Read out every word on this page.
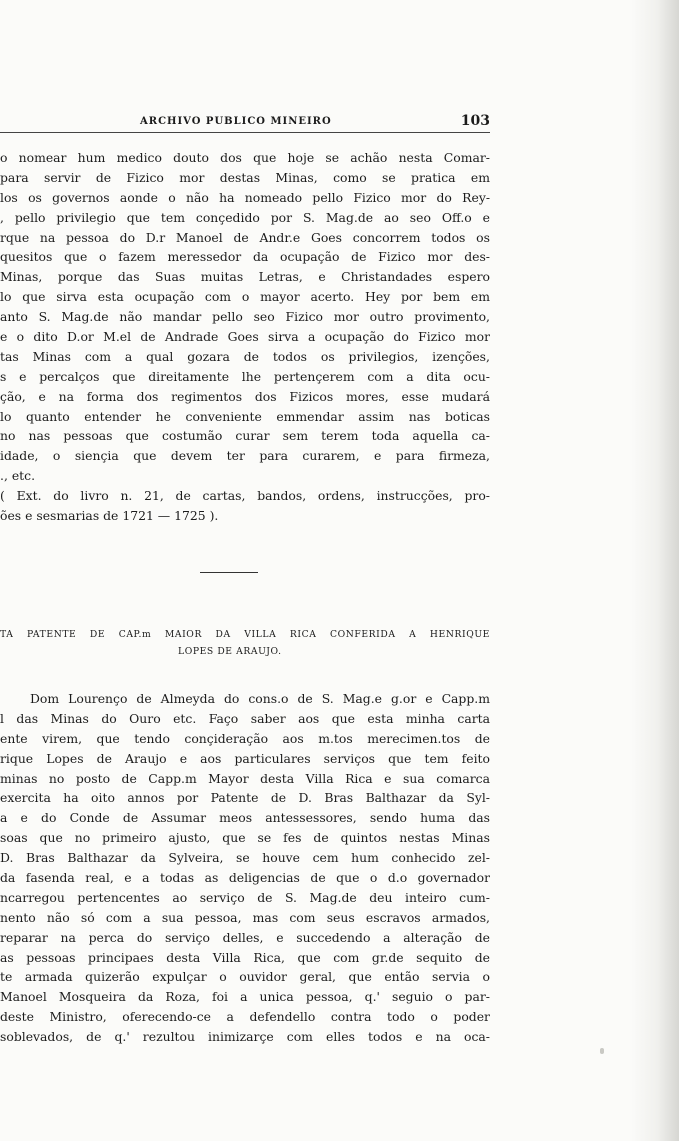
ARCHIVO PUBLICO MINEIRO	103
o nomear hum medico douto dos que hoje se achão nesta Comar-
para servir de Fizico mor destas Minas, como se pratica em
los os governos aonde o não ha nomeado pello Fizico mor do Rey-
, pello privilegio que tem conçedido por S. Mag.de ao seo Off.o e
rque na pessoa do D.r Manoel de Andr.e Goes concorrem todos os
quesitos que o fazem meressedor da ocupação de Fizico mor des-
Minas, porque das Suas muitas Letras, e Christandades espero
lo que sirva esta ocupação com o mayor acerto. Hey por bem em
anto S. Mag.de não mandar pello seo Fizico mor outro provimento,
e o dito D.or M.el de Andrade Goes sirva a ocupação do Fizico mor
tas Minas com a qual gozara de todos os privilegios, izenções,
s e percalços que direitamente lhe pertençerem com a dita ocu-
ção, e na forma dos regimentos dos Fizicos mores, esse mudará
lo quanto entender he conveniente emmendar assim nas boticas
no nas pessoas que costumão curar sem terem toda aquella ca-
idade, o siençia que devem ter para curarem, e para firmeza,
., etc.
( Ext. do livro n. 21, de cartas, bandos, ordens, instrucções, pro-
ões e sesmarias de 1721 — 1725 ).
TA PATENTE DE CAP.m MAIOR DA VILLA RICA CONFERIDA A HENRIQUE
LOPES DE ARAUJO.
Dom Lourenço de Almeyda do cons.o de S. Mag.e g.or e Capp.m
l das Minas do Ouro etc. Faço saber aos que esta minha carta
ente virem, que tendo conçideração aos m.tos merecimen.tos de
rique Lopes de Araujo e aos particulares serviços que tem feito
minas no posto de Capp.m Mayor desta Villa Rica e sua comarca
exercita ha oito annos por Patente de D. Bras Balthazar da Syl-
a e do Conde de Assumar meos antessessores, sendo huma das
soas que no primeiro ajusto, que se fes de quintos nestas Minas
D. Bras Balthazar da Sylveira, se houve cem hum conhecido zel-
da fasenda real, e a todas as deligencias de que o d.o governador
ncarregou pertencentes ao serviço de S. Mag.de deu inteiro cum-
nento não só com a sua pessoa, mas com seus escravos armados,
reparar na perca do serviço delles, e succedendo a alteração de
as pessoas principaes desta Villa Rica, que com gr.de sequito de
te armada quizerão expulçar o ouvidor geral, que então servia o
Manoel Mosqueira da Roza, foi a unica pessoa, q.' seguio o par-
deste Ministro, oferecendo-ce a defendello contra todo o poder
soblevados, de q.' rezultou inimizarçe com elles todos e na oca-
